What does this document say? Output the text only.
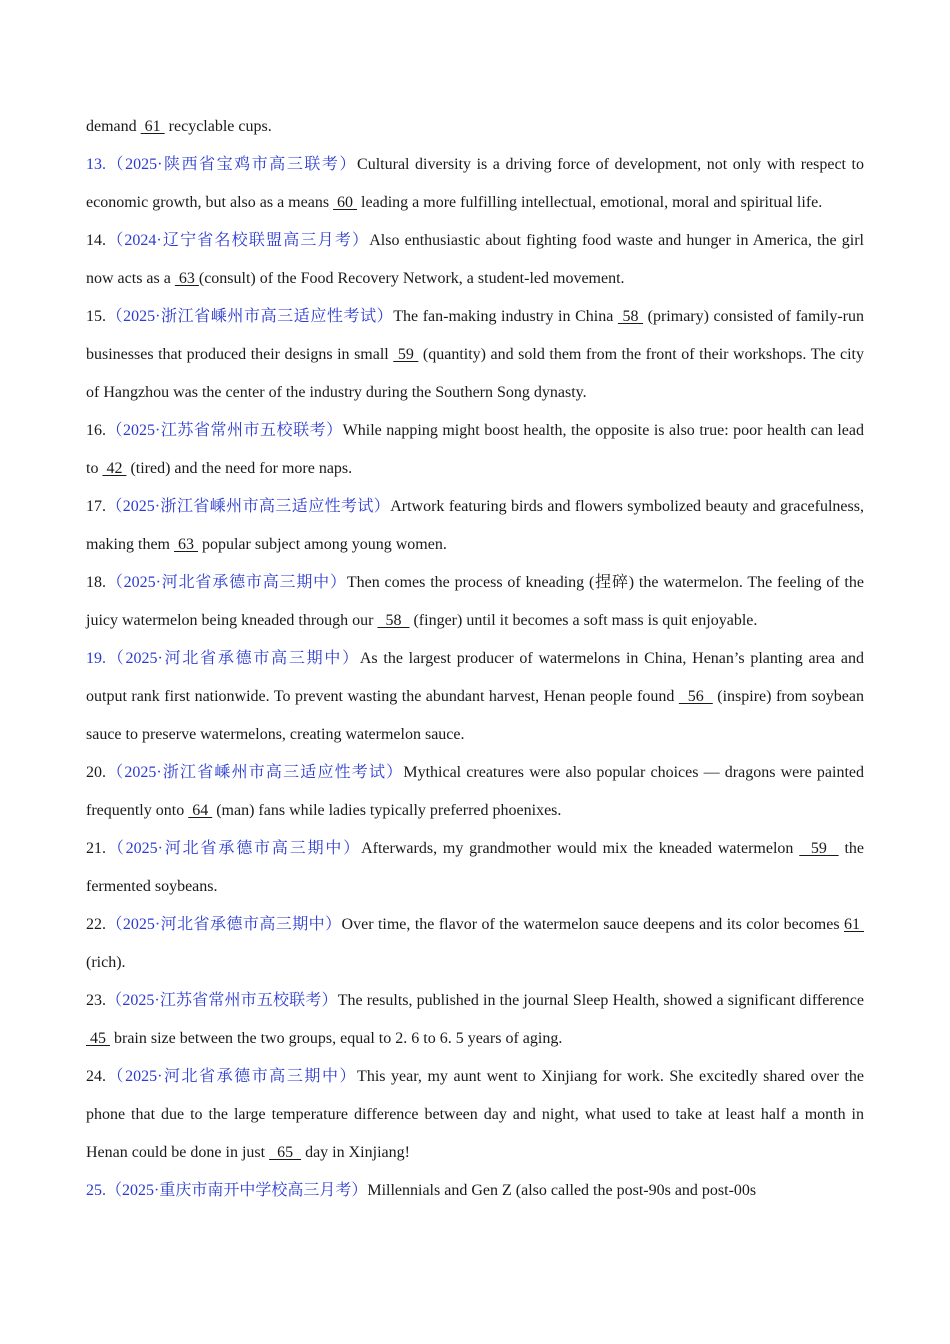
demand  61  recyclable cups.

13.（2025·陕西省宝鸡市高三联考）Cultural diversity is a driving force of development, not only with respect to economic growth, but also as a means  60  leading a more fulfilling intellectual, emotional, moral and spiritual life.

14.（2024·辽宁省名校联盟高三月考）Also enthusiastic about fighting food waste and hunger in America, the girl now acts as a  63 (consult) of the Food Recovery Network, a student-led movement.

15.（2025·浙江省嵊州市高三适应性考试）The fan-making industry in China  58  (primary) consisted of family-run businesses that produced their designs in small  59  (quantity) and sold them from the front of their workshops. The city of Hangzhou was the center of the industry during the Southern Song dynasty.

16.（2025·江苏省常州市五校联考）While napping might boost health, the opposite is also true: poor health can lead to  42  (tired) and the need for more naps.

17.（2025·浙江省嵊州市高三适应性考试）Artwork featuring birds and flowers symbolized beauty and gracefulness, making them  63  popular subject among young women.

18.（2025·河北省承德市高三期中）Then comes the process of kneading (捏碎) the watermelon. The feeling of the juicy watermelon being kneaded through our   58   (finger) until it becomes a soft mass is quit enjoyable.

19.（2025·河北省承德市高三期中）As the largest producer of watermelons in China, Henan’s planting area and output rank first nationwide. To prevent wasting the abundant harvest, Henan people found   56   (inspire) from soybean sauce to preserve watermelons, creating watermelon sauce.

20.（2025·浙江省嵊州市高三适应性考试）Mythical creatures were also popular choices — dragons were painted frequently onto  64  (man) fans while ladies typically preferred phoenixes.

21.（2025·河北省承德市高三期中）Afterwards, my grandmother would mix the kneaded watermelon   59   the fermented soybeans.

22.（2025·河北省承德市高三期中）Over time, the flavor of the watermelon sauce deepens and its color becomes 61  (rich).

23.（2025·江苏省常州市五校联考）The results, published in the journal Sleep Health, showed a significant difference  45  brain size between the two groups, equal to 2. 6 to 6. 5 years of aging.

24.（2025·河北省承德市高三期中）This year, my aunt went to Xinjiang for work. She excitedly shared over the phone that due to the large temperature difference between day and night, what used to take at least half a month in Henan could be done in just   65   day in Xinjiang!

25.（2025·重庆市南开中学校高三月考）Millennials and Gen Z (also called the post-90s and post-00s
